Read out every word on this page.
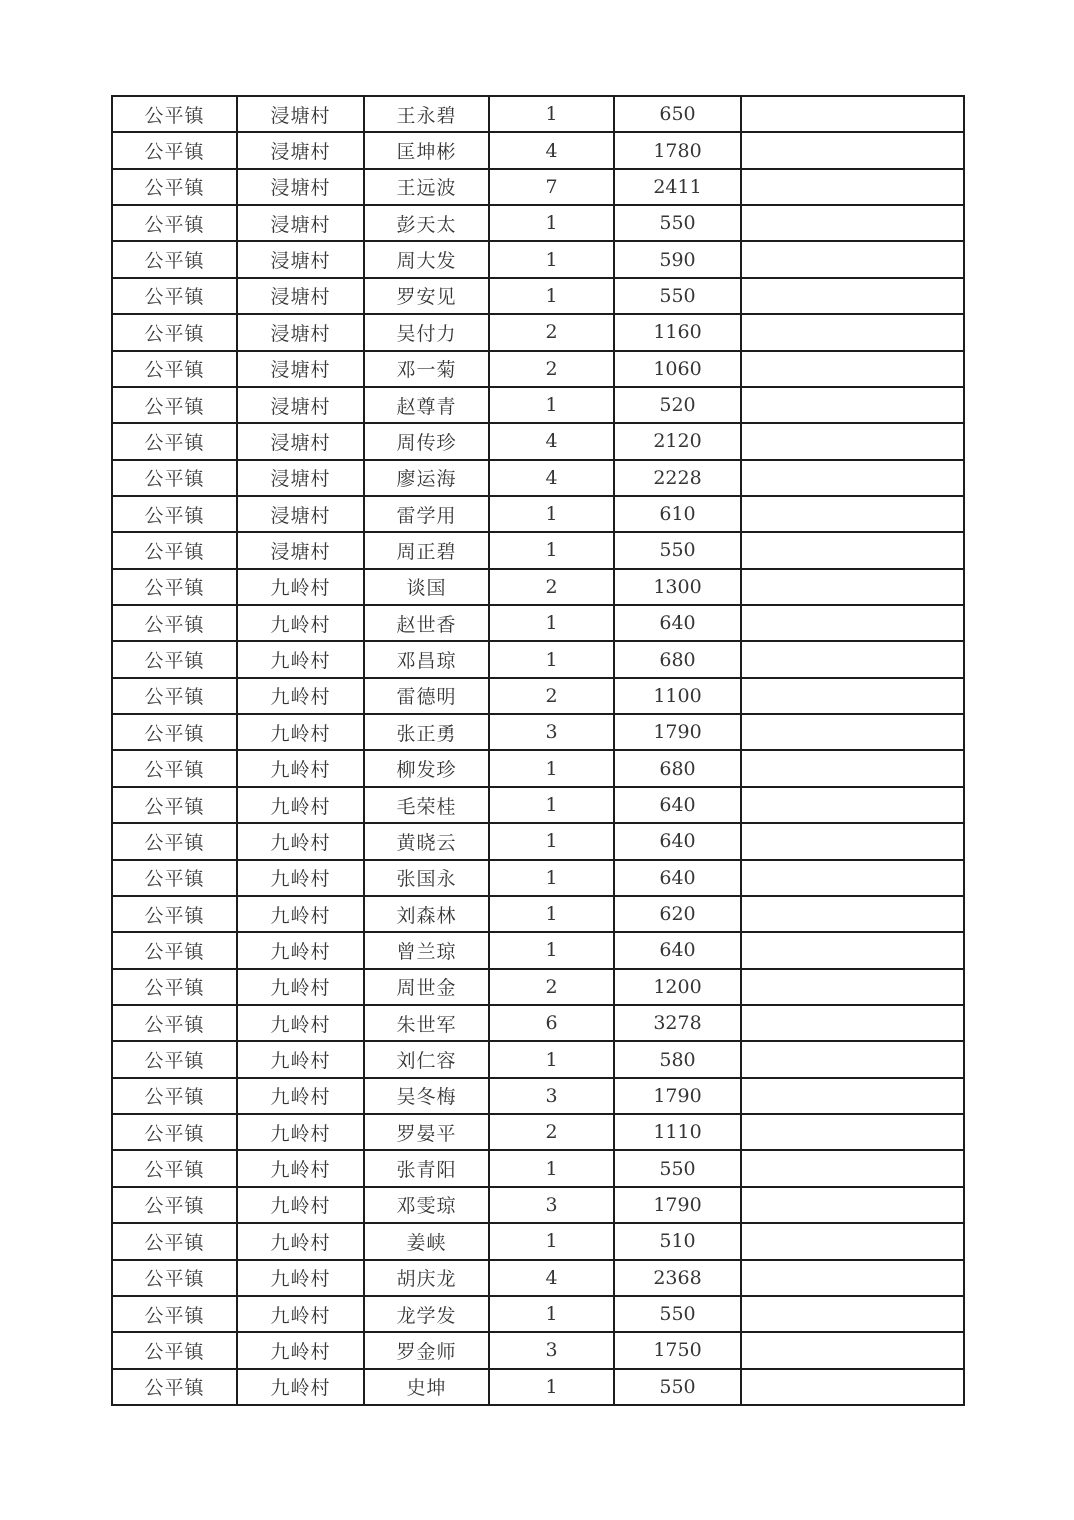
公平镇	浸塘村	王永碧	1	650	
公平镇	浸塘村	匡坤彬	4	1780	
公平镇	浸塘村	王远波	7	2411	
公平镇	浸塘村	彭天太	1	550	
公平镇	浸塘村	周大发	1	590	
公平镇	浸塘村	罗安见	1	550	
公平镇	浸塘村	吴付力	2	1160	
公平镇	浸塘村	邓一菊	2	1060	
公平镇	浸塘村	赵尊青	1	520	
公平镇	浸塘村	周传珍	4	2120	
公平镇	浸塘村	廖运海	4	2228	
公平镇	浸塘村	雷学用	1	610	
公平镇	浸塘村	周正碧	1	550	
公平镇	九岭村	谈国	2	1300	
公平镇	九岭村	赵世香	1	640	
公平镇	九岭村	邓昌琼	1	680	
公平镇	九岭村	雷德明	2	1100	
公平镇	九岭村	张正勇	3	1790	
公平镇	九岭村	柳发珍	1	680	
公平镇	九岭村	毛荣桂	1	640	
公平镇	九岭村	黄晓云	1	640	
公平镇	九岭村	张国永	1	640	
公平镇	九岭村	刘森林	1	620	
公平镇	九岭村	曾兰琼	1	640	
公平镇	九岭村	周世金	2	1200	
公平镇	九岭村	朱世军	6	3278	
公平镇	九岭村	刘仁容	1	580	
公平镇	九岭村	吴冬梅	3	1790	
公平镇	九岭村	罗晏平	2	1110	
公平镇	九岭村	张青阳	1	550	
公平镇	九岭村	邓雯琼	3	1790	
公平镇	九岭村	姜峡	1	510	
公平镇	九岭村	胡庆龙	4	2368	
公平镇	九岭村	龙学发	1	550	
公平镇	九岭村	罗金师	3	1750	
公平镇	九岭村	史坤	1	550	
